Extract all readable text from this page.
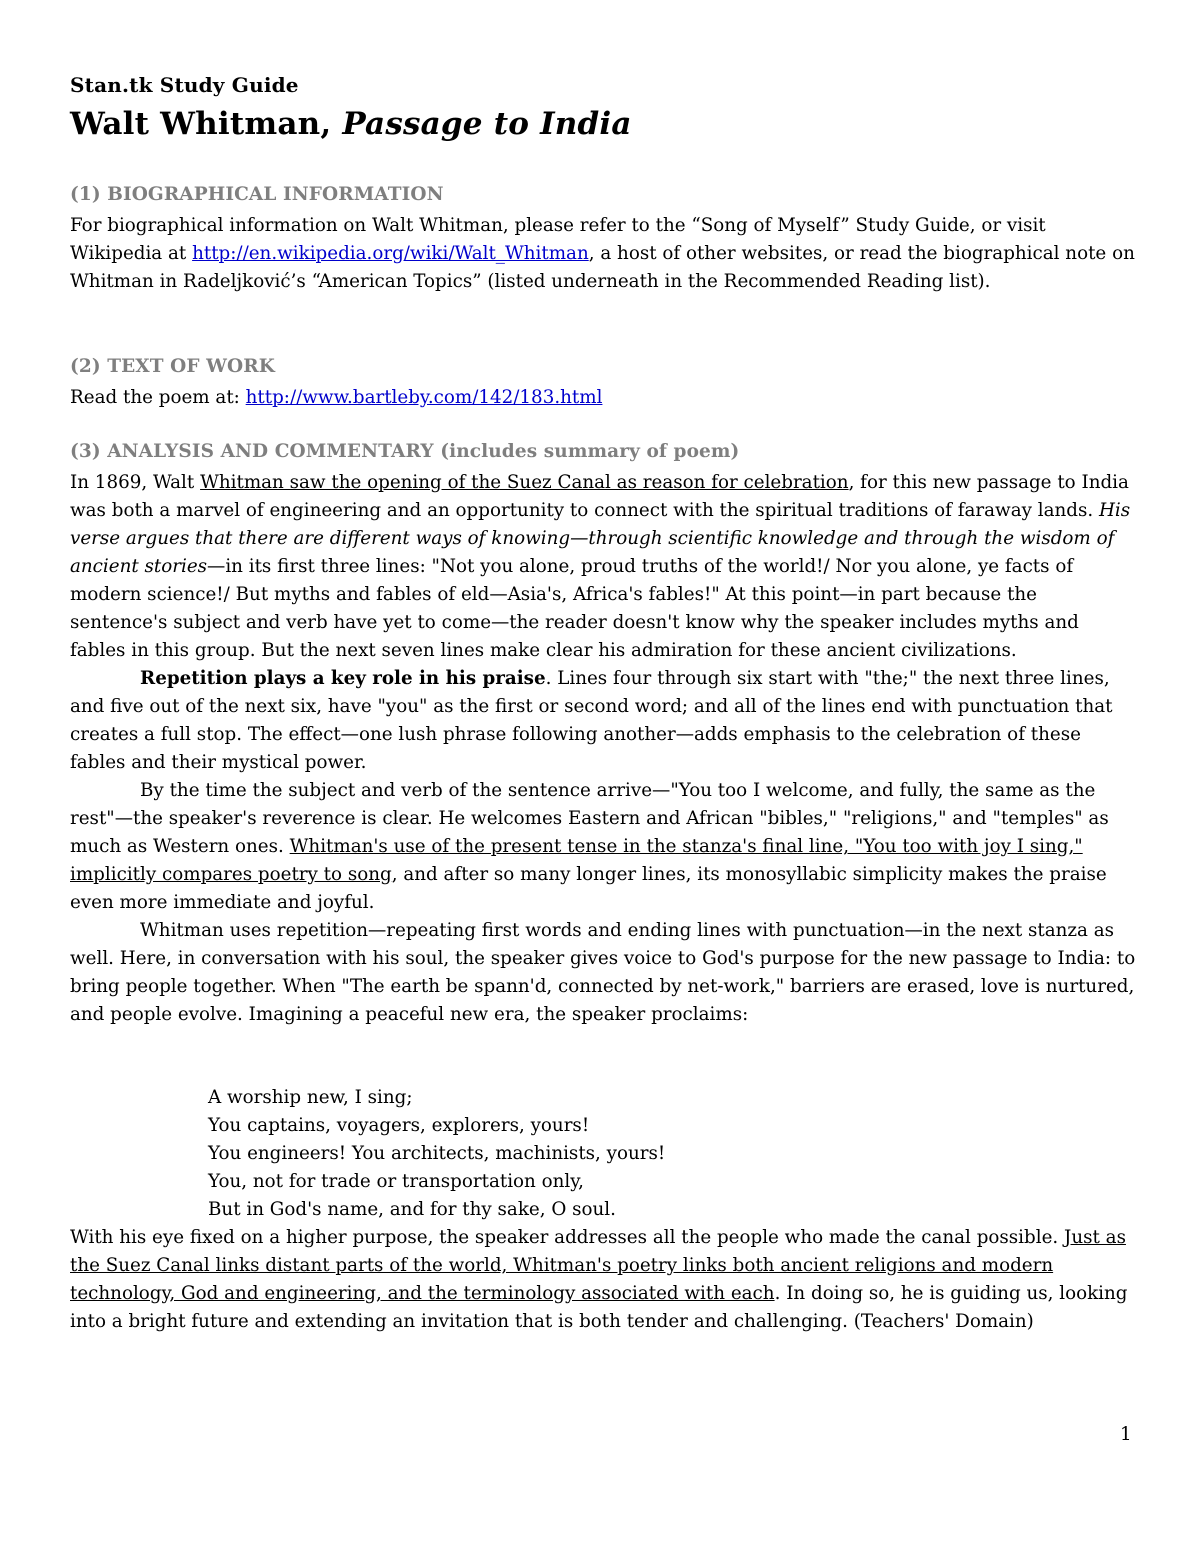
Stan.tk Study Guide
Walt Whitman, Passage to India
(1) BIOGRAPHICAL INFORMATION

For biographical information on Walt Whitman, please refer to the “Song of Myself” Study Guide, or visit Wikipedia at http://en.wikipedia.org/wiki/Walt_Whitman, a host of other websites, or read the biographical note on Whitman in Radeljković’s “American Topics” (listed underneath in the Recommended Reading list).

(2) TEXT OF WORK

Read the poem at: http://www.bartleby.com/142/183.html

(3) ANALYSIS AND COMMENTARY (includes summary of poem)

In 1869, Walt Whitman saw the opening of the Suez Canal as reason for celebration, for this new passage to India was both a marvel of engineering and an opportunity to connect with the spiritual traditions of faraway lands. His verse argues that there are different ways of knowing—through scientific knowledge and through the wisdom of ancient stories—in its first three lines: "Not you alone, proud truths of the world!/ Nor you alone, ye facts of modern science!/ But myths and fables of eld—Asia's, Africa's fables!" At this point—in part because the sentence's subject and verb have yet to come—the reader doesn't know why the speaker includes myths and fables in this group. But the next seven lines make clear his admiration for these ancient civilizations.

Repetition plays a key role in his praise. Lines four through six start with "the;" the next three lines, and five out of the next six, have "you" as the first or second word; and all of the lines end with punctuation that creates a full stop. The effect—one lush phrase following another—adds emphasis to the celebration of these fables and their mystical power.

By the time the subject and verb of the sentence arrive—"You too I welcome, and fully, the same as the rest"—the speaker's reverence is clear. He welcomes Eastern and African "bibles," "religions," and "temples" as much as Western ones. Whitman's use of the present tense in the stanza's final line, "You too with joy I sing," implicitly compares poetry to song, and after so many longer lines, its monosyllabic simplicity makes the praise even more immediate and joyful.

Whitman uses repetition—repeating first words and ending lines with punctuation—in the next stanza as well. Here, in conversation with his soul, the speaker gives voice to God's purpose for the new passage to India: to bring people together. When "The earth be spann'd, connected by net-work," barriers are erased, love is nurtured, and people evolve. Imagining a peaceful new era, the speaker proclaims:

A worship new, I sing;
You captains, voyagers, explorers, yours!
You engineers! You architects, machinists, yours!
You, not for trade or transportation only,
But in God's name, and for thy sake, O soul.

With his eye fixed on a higher purpose, the speaker addresses all the people who made the canal possible. Just as the Suez Canal links distant parts of the world, Whitman's poetry links both ancient religions and modern technology, God and engineering, and the terminology associated with each. In doing so, he is guiding us, looking into a bright future and extending an invitation that is both tender and challenging. (Teachers' Domain)

1
